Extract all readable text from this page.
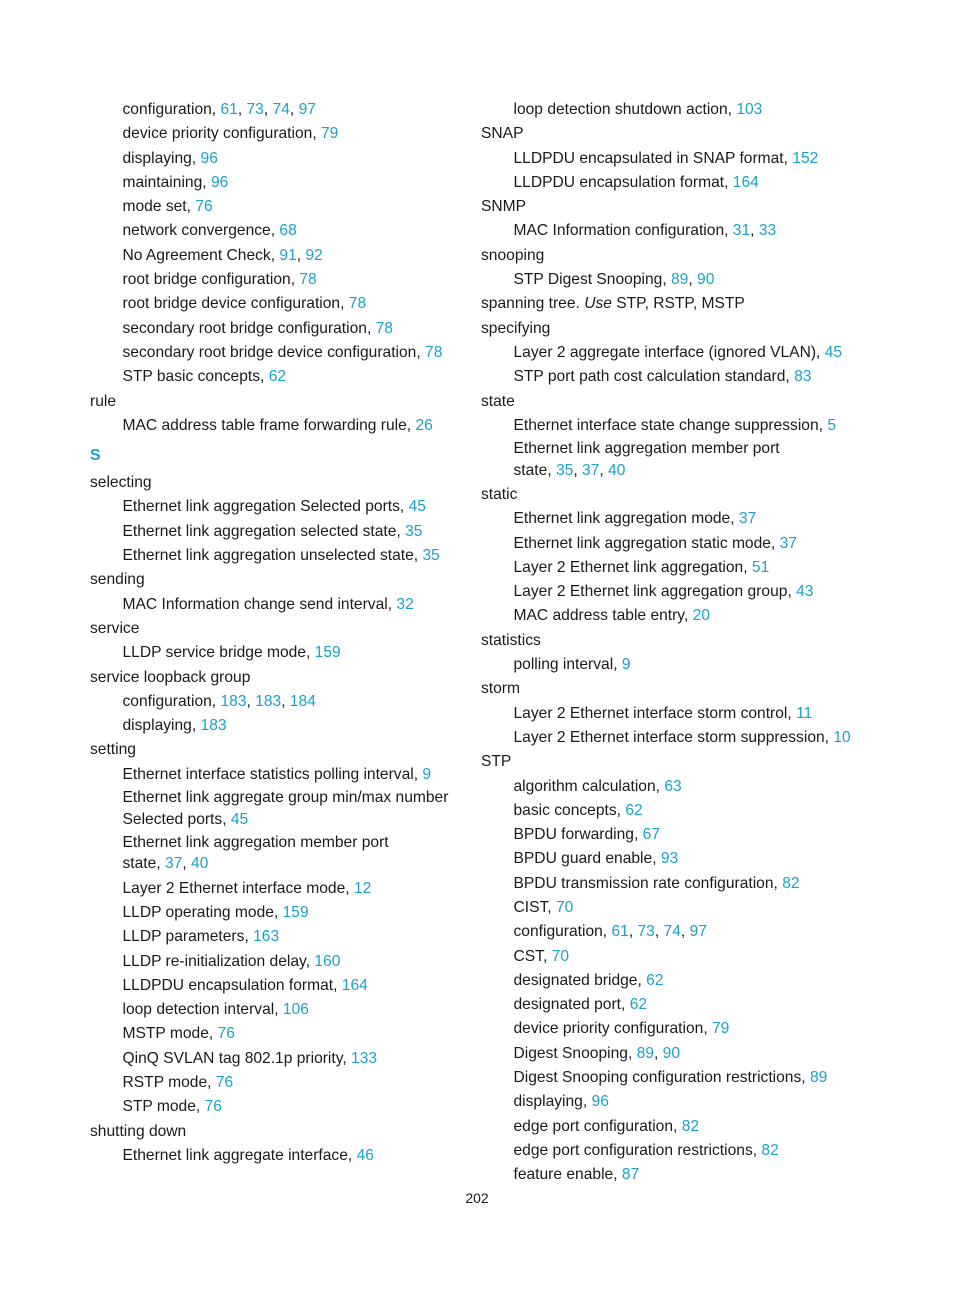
configuration, 61, 73, 74, 97
device priority configuration, 79
displaying, 96
maintaining, 96
mode set, 76
network convergence, 68
No Agreement Check, 91, 92
root bridge configuration, 78
root bridge device configuration, 78
secondary root bridge configuration, 78
secondary root bridge device configuration, 78
STP basic concepts, 62
rule
MAC address table frame forwarding rule, 26
S
selecting
Ethernet link aggregation Selected ports, 45
Ethernet link aggregation selected state, 35
Ethernet link aggregation unselected state, 35
sending
MAC Information change send interval, 32
service
LLDP service bridge mode, 159
service loopback group
configuration, 183, 183, 184
displaying, 183
setting
Ethernet interface statistics polling interval, 9
Ethernet link aggregate group min/max number
Selected ports, 45
Ethernet link aggregation member port
state, 37, 40
Layer 2 Ethernet interface mode, 12
LLDP operating mode, 159
LLDP parameters, 163
LLDP re-initialization delay, 160
LLDPDU encapsulation format, 164
loop detection interval, 106
MSTP mode, 76
QinQ SVLAN tag 802.1p priority, 133
RSTP mode, 76
STP mode, 76
shutting down
Ethernet link aggregate interface, 46
loop detection shutdown action, 103
SNAP
LLDPDU encapsulated in SNAP format, 152
LLDPDU encapsulation format, 164
SNMP
MAC Information configuration, 31, 33
snooping
STP Digest Snooping, 89, 90
spanning tree. Use STP, RSTP, MSTP
specifying
Layer 2 aggregate interface (ignored VLAN), 45
STP port path cost calculation standard, 83
state
Ethernet interface state change suppression, 5
Ethernet link aggregation member port
state, 35, 37, 40
static
Ethernet link aggregation mode, 37
Ethernet link aggregation static mode, 37
Layer 2 Ethernet link aggregation, 51
Layer 2 Ethernet link aggregation group, 43
MAC address table entry, 20
statistics
polling interval, 9
storm
Layer 2 Ethernet interface storm control, 11
Layer 2 Ethernet interface storm suppression, 10
STP
algorithm calculation, 63
basic concepts, 62
BPDU forwarding, 67
BPDU guard enable, 93
BPDU transmission rate configuration, 82
CIST, 70
configuration, 61, 73, 74, 97
CST, 70
designated bridge, 62
designated port, 62
device priority configuration, 79
Digest Snooping, 89, 90
Digest Snooping configuration restrictions, 89
displaying, 96
edge port configuration, 82
edge port configuration restrictions, 82
feature enable, 87
202
